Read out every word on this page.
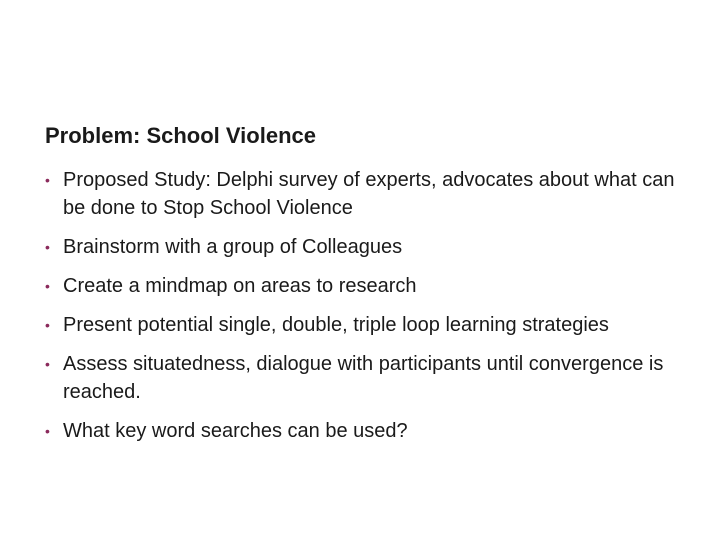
Problem: School Violence
• Proposed Study: Delphi survey of experts, advocates about what can be done to Stop School Violence
• Brainstorm with a group of Colleagues
• Create a mindmap on areas to research
• Present potential single, double, triple loop learning strategies
• Assess situatedness, dialogue with participants until convergence is reached.
• What key word searches can be used?
